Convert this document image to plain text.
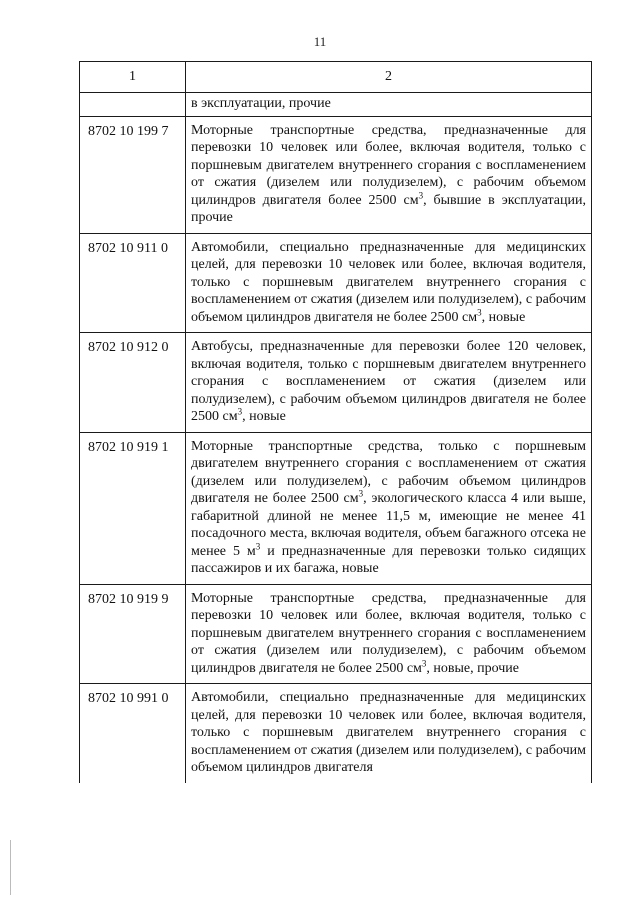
11
1	2
	в эксплуатации, прочие
8702 10 199 7	Моторные транспортные средства, предназначенные для перевозки 10 человек или более, включая водителя, только с поршневым двигателем внутреннего сгорания с воспламенением от сжатия (дизелем или полудизелем), с рабочим объемом цилиндров двигателя более 2500 $см^3$, бывшие в эксплуатации, прочие
8702 10 911 0	Автомобили, специально предназначенные для медицинских целей, для перевозки 10 человек или более, включая водителя, только с поршневым двигателем внутреннего сгорания с воспламенением от сжатия (дизелем или полудизелем), с рабочим объемом цилиндров двигателя не более 2500 $см^3$, новые
8702 10 912 0	Автобусы, предназначенные для перевозки более 120 человек, включая водителя, только с поршневым двигателем внутреннего сгорания с воспламенением от сжатия (дизелем или полудизелем), с рабочим объемом цилиндров двигателя не более 2500 $см^3$, новые
8702 10 919 1	Моторные транспортные средства, только с поршневым двигателем внутреннего сгорания с воспламенением от сжатия (дизелем или полудизелем), с рабочим объемом цилиндров двигателя не более 2500 $см^3$, экологического класса 4 или выше, габаритной длиной не менее 11,5 м, имеющие не менее 41 посадочного места, включая водителя, объем багажного отсека не менее 5 $м^3$ и предназначенные для перевозки только сидящих пассажиров и их багажа, новые
8702 10 919 9	Моторные транспортные средства, предназначенные для перевозки 10 человек или более, включая водителя, только с поршневым двигателем внутреннего сгорания с воспламенением от сжатия (дизелем или полудизелем), с рабочим объемом цилиндров двигателя не более 2500 $см^3$, новые, прочие
8702 10 991 0	Автомобили, специально предназначенные для медицинских целей, для перевозки 10 человек или более, включая водителя, только с поршневым двигателем внутреннего сгорания с воспламенением от сжатия (дизелем или полудизелем), с рабочим объемом цилиндров двигателя
